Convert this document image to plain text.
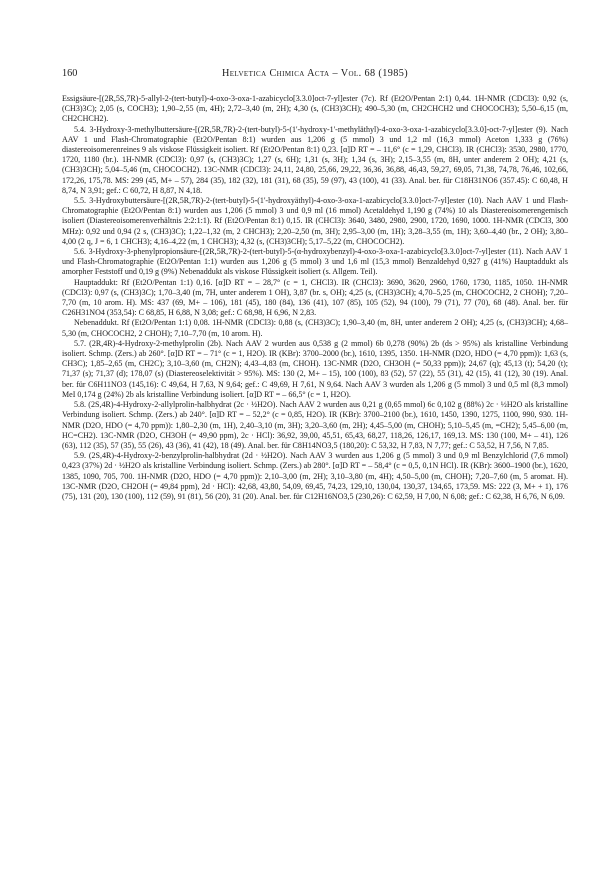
160	Helvetica Chimica Acta – Vol. 68 (1985)

Essigsäure-[(2R,5S,7R)-5-allyl-2-(tert-butyl)-4-oxo-3-oxa-1-azabicyclo[3.3.0]oct-7-yl]ester (7c). Rf (Et2O/Pentan 2:1) 0,44. 1H-NMR (CDCl3): 0,92 (s, (CH3)3C); 2,05 (s, COCH3); 1,90–2,55 (m, 4H); 2,72–3,40 (m, 2H); 4,30 (s, (CH3)3CH); 490–5,30 (m, CH2CHCH2 und CHOCOCH3); 5,50–6,15 (m, CH2CHCH2).

5.4. 3-Hydroxy-3-methylbuttersäure-[(2R,5R,7R)-2-(tert-butyl)-5-(1'-hydroxy-1'-methyläthyl)-4-oxo-3-oxa-1-azabicyclo[3.3.0]-oct-7-yl]ester (9). Nach AAV 1 und Flash-Chromatographie (Et2O/Pentan 8:1) wurden aus 1,206 g (5 mmol) 3 und 1,2 ml (16,3 mmol) Aceton 1,333 g (76%) diastereoisomerenreines 9 als viskose Flüssigkeit isoliert. Rf (Et2O/Pentan 8:1) 0,23. [α]D RT = – 11,6° (c = 1,29, CHCl3). IR (CHCl3): 3530, 2980, 1770, 1720, 1180 (br.). 1H-NMR (CDCl3): 0,97 (s, (CH3)3C); 1,27 (s, 6H); 1,31 (s, 3H); 1,34 (s, 3H); 2,15–3,55 (m, 8H, unter anderem 2 OH); 4,21 (s, (CH3)3CH); 5,04–5,46 (m, CHOCOCH2). 13C-NMR (CDCl3): 24,11, 24,80, 25,66, 29,22, 36,36, 36,88, 46,43, 59,27, 69,05, 71,38, 74,78, 76,46, 102,66, 172,26, 175,78. MS: 299 (45, M+ – 57), 284 (35), 182 (32), 181 (31), 68 (35), 59 (97), 43 (100), 41 (33). Anal. ber. für C18H31NO6 (357.45): C 60,48, H 8,74, N 3,91; gef.: C 60,72, H 8,87, N 4,18.

5.5. 3-Hydroxybuttersäure-[(2R,5R,7R)-2-(tert-butyl)-5-(1'-hydroxyäthyl)-4-oxo-3-oxa-1-azabicyclo[3.3.0]oct-7-yl]ester (10). Nach AAV 1 und Flash-Chromatographie (Et2O/Pentan 8:1) wurden aus 1,206 (5 mmol) 3 und 0,9 ml (16 mmol) Acetaldehyd 1,190 g (74%) 10 als Diastereoisomerengemisch isoliert (Diastereoisomerenverhältnis 2:2:1:1). Rf (Et2O/Pentan 8:1) 0,15. IR (CHCl3): 3640, 3480, 2980, 2900, 1720, 1690, 1000. 1H-NMR (CDCl3, 300 MHz): 0,92 und 0,94 (2 s, (CH3)3C); 1,22–1,32 (m, 2 CHCH3); 2,20–2,50 (m, 3H); 2,95–3,00 (m, 1H); 3,28–3,55 (m, 1H); 3,60–4,40 (br., 2 OH); 3,80–4,00 (2 q, J = 6, 1 CHCH3); 4,16–4,22 (m, 1 CHCH3); 4,32 (s, (CH3)3CH); 5,17–5,22 (m, CHOCOCH2).

5.6. 3-Hydroxy-3-phenylpropionsäure-[(2R,5R,7R)-2-(tert-butyl)-5-(α-hydroxybenzyl)-4-oxo-3-oxa-1-azabicyclo[3.3.0]oct-7-yl]ester (11). Nach AAV 1 und Flash-Chromatographie (Et2O/Pentan 1:1) wurden aus 1,206 g (5 mmol) 3 und 1,6 ml (15,3 mmol) Benzaldehyd 0,927 g (41%) Hauptaddukt als amorpher Feststoff und 0,19 g (9%) Nebenaddukt als viskose Flüssigkeit isoliert (s. Allgem. Teil).

Hauptaddukt: Rf (Et2O/Pentan 1:1) 0,16. [α]D RT = – 28,7° (c = 1, CHCl3). IR (CHCl3): 3690, 3620, 2960, 1760, 1730, 1185, 1050. 1H-NMR (CDCl3): 0,97 (s, (CH3)3C); 1,70–3,40 (m, 7H, unter anderem 1 OH), 3,87 (br. s, OH); 4,25 (s, (CH3)3CH); 4,70–5,25 (m, CHOCOCH2, 2 CHOH); 7,20–7,70 (m, 10 arom. H). MS: 437 (69, M+ – 106), 181 (45), 180 (84), 136 (41), 107 (85), 105 (52), 94 (100), 79 (71), 77 (70), 68 (48). Anal. ber. für C26H31NO4 (353,54): C 68,85, H 6,88, N 3,08; gef.: C 68,98, H 6,96, N 2,83.

Nebenaddukt. Rf (Et2O/Pentan 1:1) 0,08. 1H-NMR (CDCl3): 0,88 (s, (CH3)3C); 1,90–3,40 (m, 8H, unter anderem 2 OH); 4,25 (s, (CH3)3CH); 4,68–5,30 (m, CHOCOCH2, 2 CHOH); 7,10–7,70 (m, 10 arom. H).

5.7. (2R,4R)-4-Hydroxy-2-methylprolin (2b). Nach AAV 2 wurden aus 0,538 g (2 mmol) 6b 0,278 (90%) 2b (ds > 95%) als kristalline Verbindung isoliert. Schmp. (Zers.) ab 260°. [α]D RT = – 71° (c = 1, H2O). IR (KBr): 3700–2000 (br.), 1610, 1395, 1350. 1H-NMR (D2O, HDO (= 4,70 ppm)): 1,63 (s, CH3C); 1,85–2,65 (m, CH2C); 3,10–3,60 (m, CH2N); 4,43–4,83 (m, CHOH). 13C-NMR (D2O, CH3OH (= 50,33 ppm)); 24,67 (q); 45,13 (t); 54,20 (t); 71,37 (s); 71,37 (d); 178,07 (s) (Diastereoselektivität > 95%). MS: 130 (2, M+ – 15), 100 (100), 83 (52), 57 (22), 55 (31), 42 (15), 41 (12), 30 (19). Anal. ber. für C6H11NO3 (145,16): C 49,64, H 7,63, N 9,64; gef.: C 49,69, H 7,61, N 9,64. Nach AAV 3 wurden als 1,206 g (5 mmol) 3 und 0,5 ml (8,3 mmol) MeI 0,174 g (24%) 2b als kristalline Verbindung isoliert. [α]D RT = – 66,5° (c = 1, H2O).

5.8. (2S,4R)-4-Hydroxy-2-allylprolin-halbhydrat (2c · ½H2O). Nach AAV 2 wurden aus 0,21 g (0,65 mmol) 6c 0,102 g (88%) 2c · ½H2O als kristalline Verbindung isoliert. Schmp. (Zers.) ab 240°. [α]D RT = – 52,2° (c = 0,85, H2O). IR (KBr): 3700–2100 (br.), 1610, 1450, 1390, 1275, 1100, 990, 930. 1H-NMR (D2O, HDO (= 4,70 ppm)): 1,80–2,30 (m, 1H), 2,40–3,10 (m, 3H); 3,20–3,60 (m, 2H); 4,45–5,00 (m, CHOH); 5,10–5,45 (m, =CH2); 5,45–6,00 (m, HC=CH2). 13C-NMR (D2O, CH3OH (= 49,90 ppm), 2c · HCl): 36,92, 39,00, 45,51, 65,43, 68,27, 118,26, 126,17, 169,13. MS: 130 (100, M+ – 41), 126 (63), 112 (35), 57 (35), 55 (26), 43 (36), 41 (42), 18 (49). Anal. ber. für C8H14NO3,5 (180,20): C 53,32, H 7,83, N 7,77; gef.: C 53,52, H 7,56, N 7,85.

5.9. (2S,4R)-4-Hydroxy-2-benzylprolin-halbhydrat (2d · ½H2O). Nach AAV 3 wurden aus 1,206 g (5 mmol) 3 und 0,9 ml Benzylchlorid (7,6 mmol) 0,423 (37%) 2d · ½H2O als kristalline Verbindung isoliert. Schmp. (Zers.) ab 280°. [α]D RT = – 58,4° (c = 0,5, 0,1N HCl). IR (KBr): 3600–1900 (br.), 1620, 1385, 1090, 705, 700. 1H-NMR (D2O, HDO (= 4,70 ppm)): 2,10–3,00 (m, 2H); 3,10–3,80 (m, 4H); 4,50–5,00 (m, CHOH); 7,20–7,60 (m, 5 aromat. H). 13C-NMR (D2O, CH2OH (= 49,84 ppm), 2d · HCl): 42,68, 43,80, 54,09, 69,45, 74,23, 129,10, 130,04, 130,37, 134,65, 173,59. MS: 222 (3, M+ + 1), 176 (75), 131 (20), 130 (100), 112 (59), 91 (81), 56 (20), 31 (20). Anal. ber. für C12H16NO3,5 (230,26): C 62,59, H 7,00, N 6,08; gef.: C 62,38, H 6,76, N 6,09.
